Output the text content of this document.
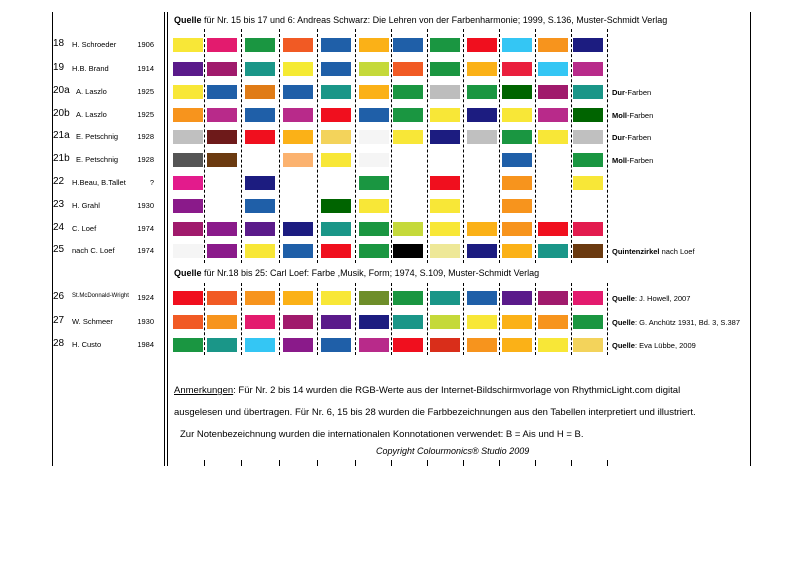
Quelle für Nr. 15 bis 17 und 6: Andreas Schwarz: Die Lehren von der Farbenharmonie; 1999, S.136, Muster-Schmidt Verlag
18 H. Schroeder	1906
19 H.B. Brand	1914
20a A. Laszlo	1925	Dur-Farben
20b A. Laszlo	1925	Moll-Farben
21a E. Petschnig	1928	Dur-Farben
21b E. Petschnig	1928	Moll-Farben
22 H.Beau, B.Tallet	?
23 H. Grahl	1930
24 C. Loef	1974
25 nach C. Loef	1974	Quintenzirkel nach Loef
Quelle für Nr.18 bis 25: Carl Loef: Farbe ,Musik, Form; 1974, S.109, Muster-Schmidt Verlag
26 St.McDonnald-Wright	1924	Quelle: J. Howell, 2007
27 W. Schmeer	1930	Quelle: G. Anchütz 1931, Bd. 3, S.387
28 H. Custo	1984	Quelle: Eva Lübbe, 2009
Anmerkungen: Für Nr. 2 bis 14 wurden die RGB-Werte aus der Internet-Bildschirmvorlage von RhythmicLight.com digital
ausgelesen und übertragen. Für Nr. 6, 15 bis 28 wurden die Farbbezeichnungen aus den Tabellen interpretiert und illustriert.
Zur Notenbezeichnung wurden die internationalen Konnotationen verwendet: B = Ais und H = B.
Copyright Colourmonics® Studio 2009
